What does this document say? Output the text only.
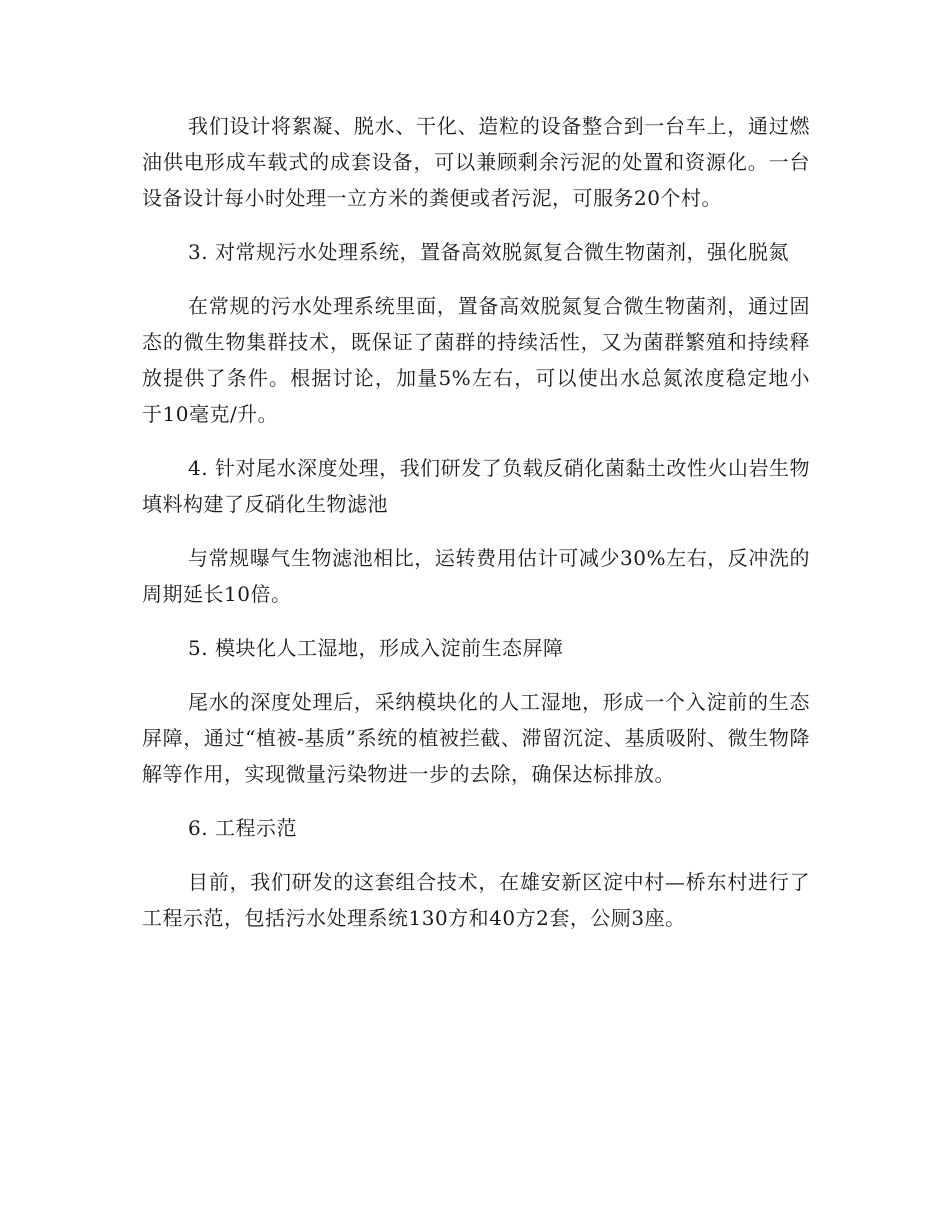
我们设计将絮凝、脱水、干化、造粒的设备整合到一台车上，通过燃油供电形成车载式的成套设备，可以兼顾剩余污泥的处置和资源化。一台设备设计每小时处理一立方米的粪便或者污泥，可服务20个村。

3. 对常规污水处理系统，置备高效脱氮复合微生物菌剂，强化脱氮

在常规的污水处理系统里面，置备高效脱氮复合微生物菌剂，通过固态的微生物集群技术，既保证了菌群的持续活性，又为菌群繁殖和持续释放提供了条件。根据讨论，加量5%左右，可以使出水总氮浓度稳定地小于10毫克/升。

4. 针对尾水深度处理，我们研发了负载反硝化菌黏土改性火山岩生物填料构建了反硝化生物滤池

与常规曝气生物滤池相比，运转费用估计可减少30%左右，反冲洗的周期延长10倍。

5. 模块化人工湿地，形成入淀前生态屏障

尾水的深度处理后，采纳模块化的人工湿地，形成一个入淀前的生态屏障，通过“植被-基质”系统的植被拦截、滞留沉淀、基质吸附、微生物降解等作用，实现微量污染物进一步的去除，确保达标排放。

6. 工程示范

目前，我们研发的这套组合技术，在雄安新区淀中村—桥东村进行了工程示范，包括污水处理系统130方和40方2套，公厕3座。
